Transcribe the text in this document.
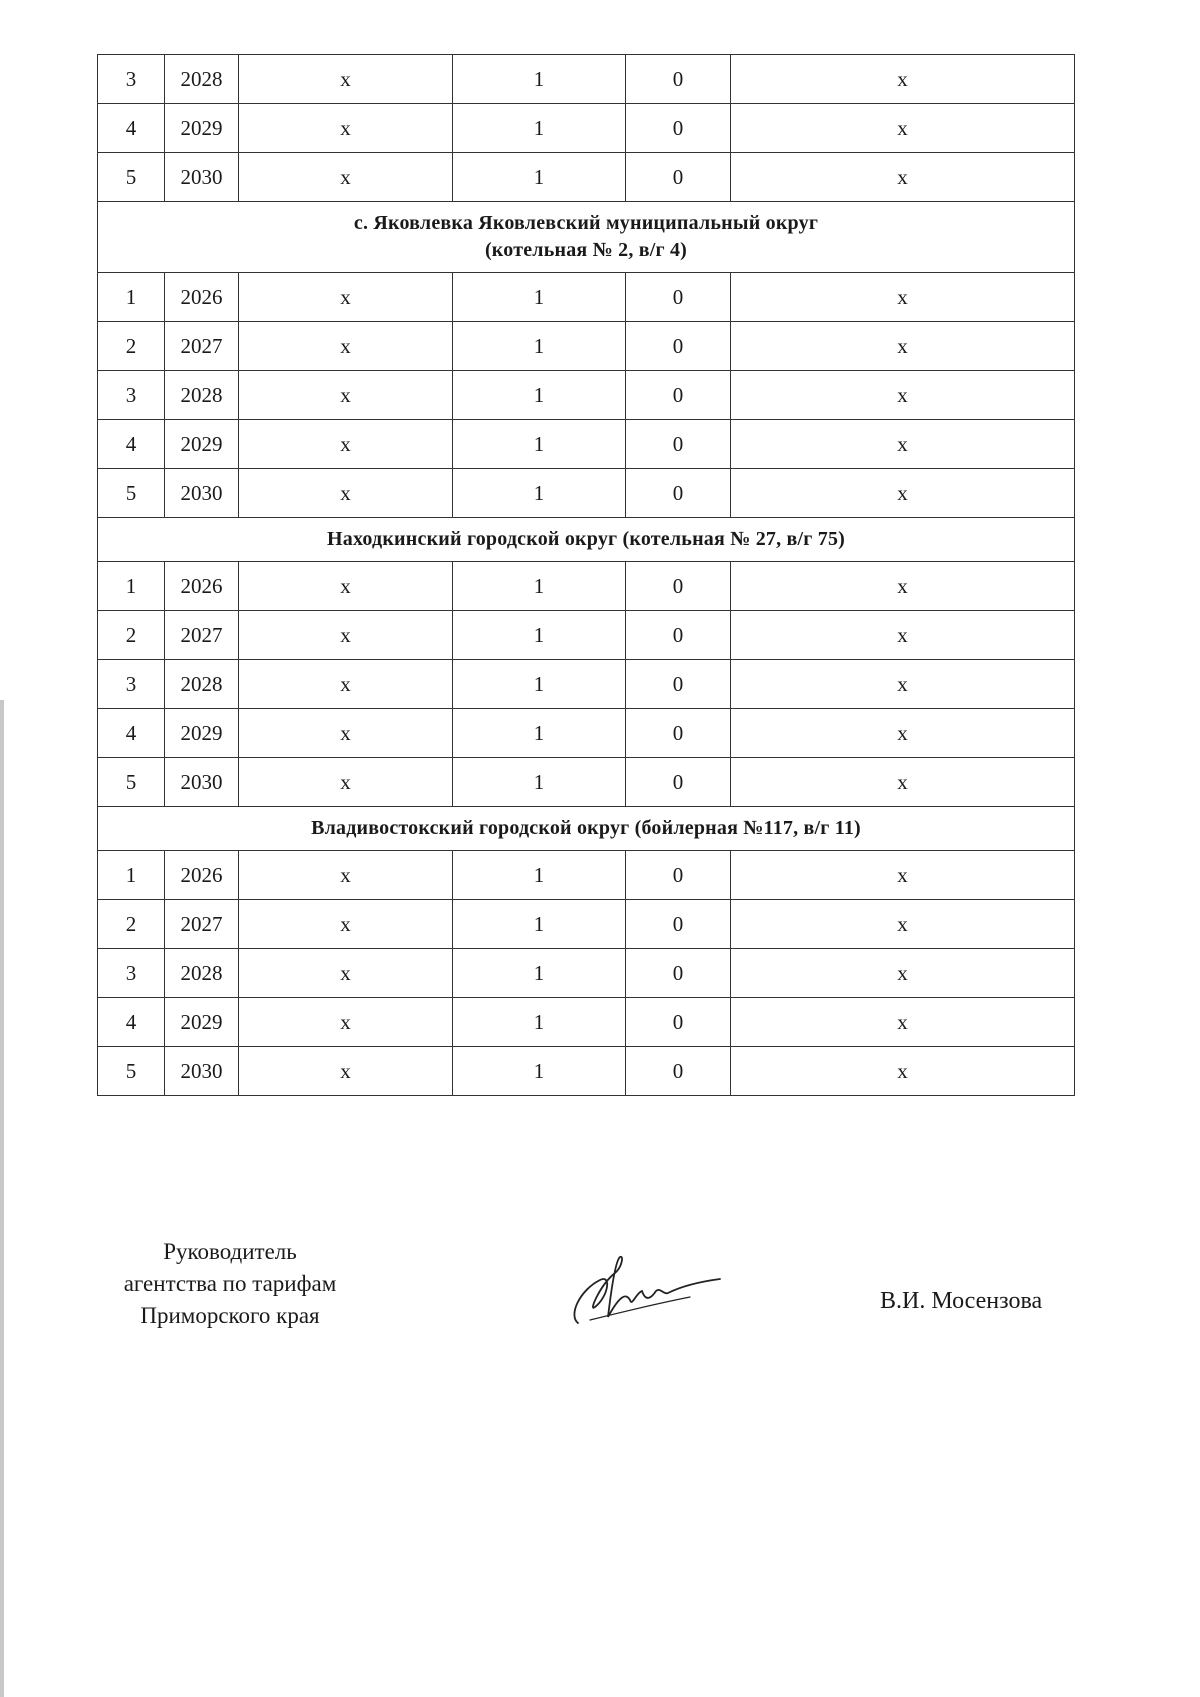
3	2028	x	1	0	x
4	2029	x	1	0	x
5	2030	x	1	0	x

с. Яковлевка Яковлевский муниципальный округ
(котельная № 2, в/г 4)					

1	2026	x	1	0	x
2	2027	x	1	0	x
3	2028	x	1	0	x
4	2029	x	1	0	x
5	2030	x	1	0	x

Находкинский городской округ (котельная № 27, в/г 75)					

1	2026	x	1	0	x
2	2027	x	1	0	x
3	2028	x	1	0	x
4	2029	x	1	0	x
5	2030	x	1	0	x

Владивостокский городской округ (бойлерная №117, в/г 11)					

1	2026	x	1	0	x
2	2027	x	1	0	x
3	2028	x	1	0	x
4	2029	x	1	0	x
5	2030	x	1	0	x
Руководитель
агентства по тарифам
Приморского края
В.И. Мосензова
